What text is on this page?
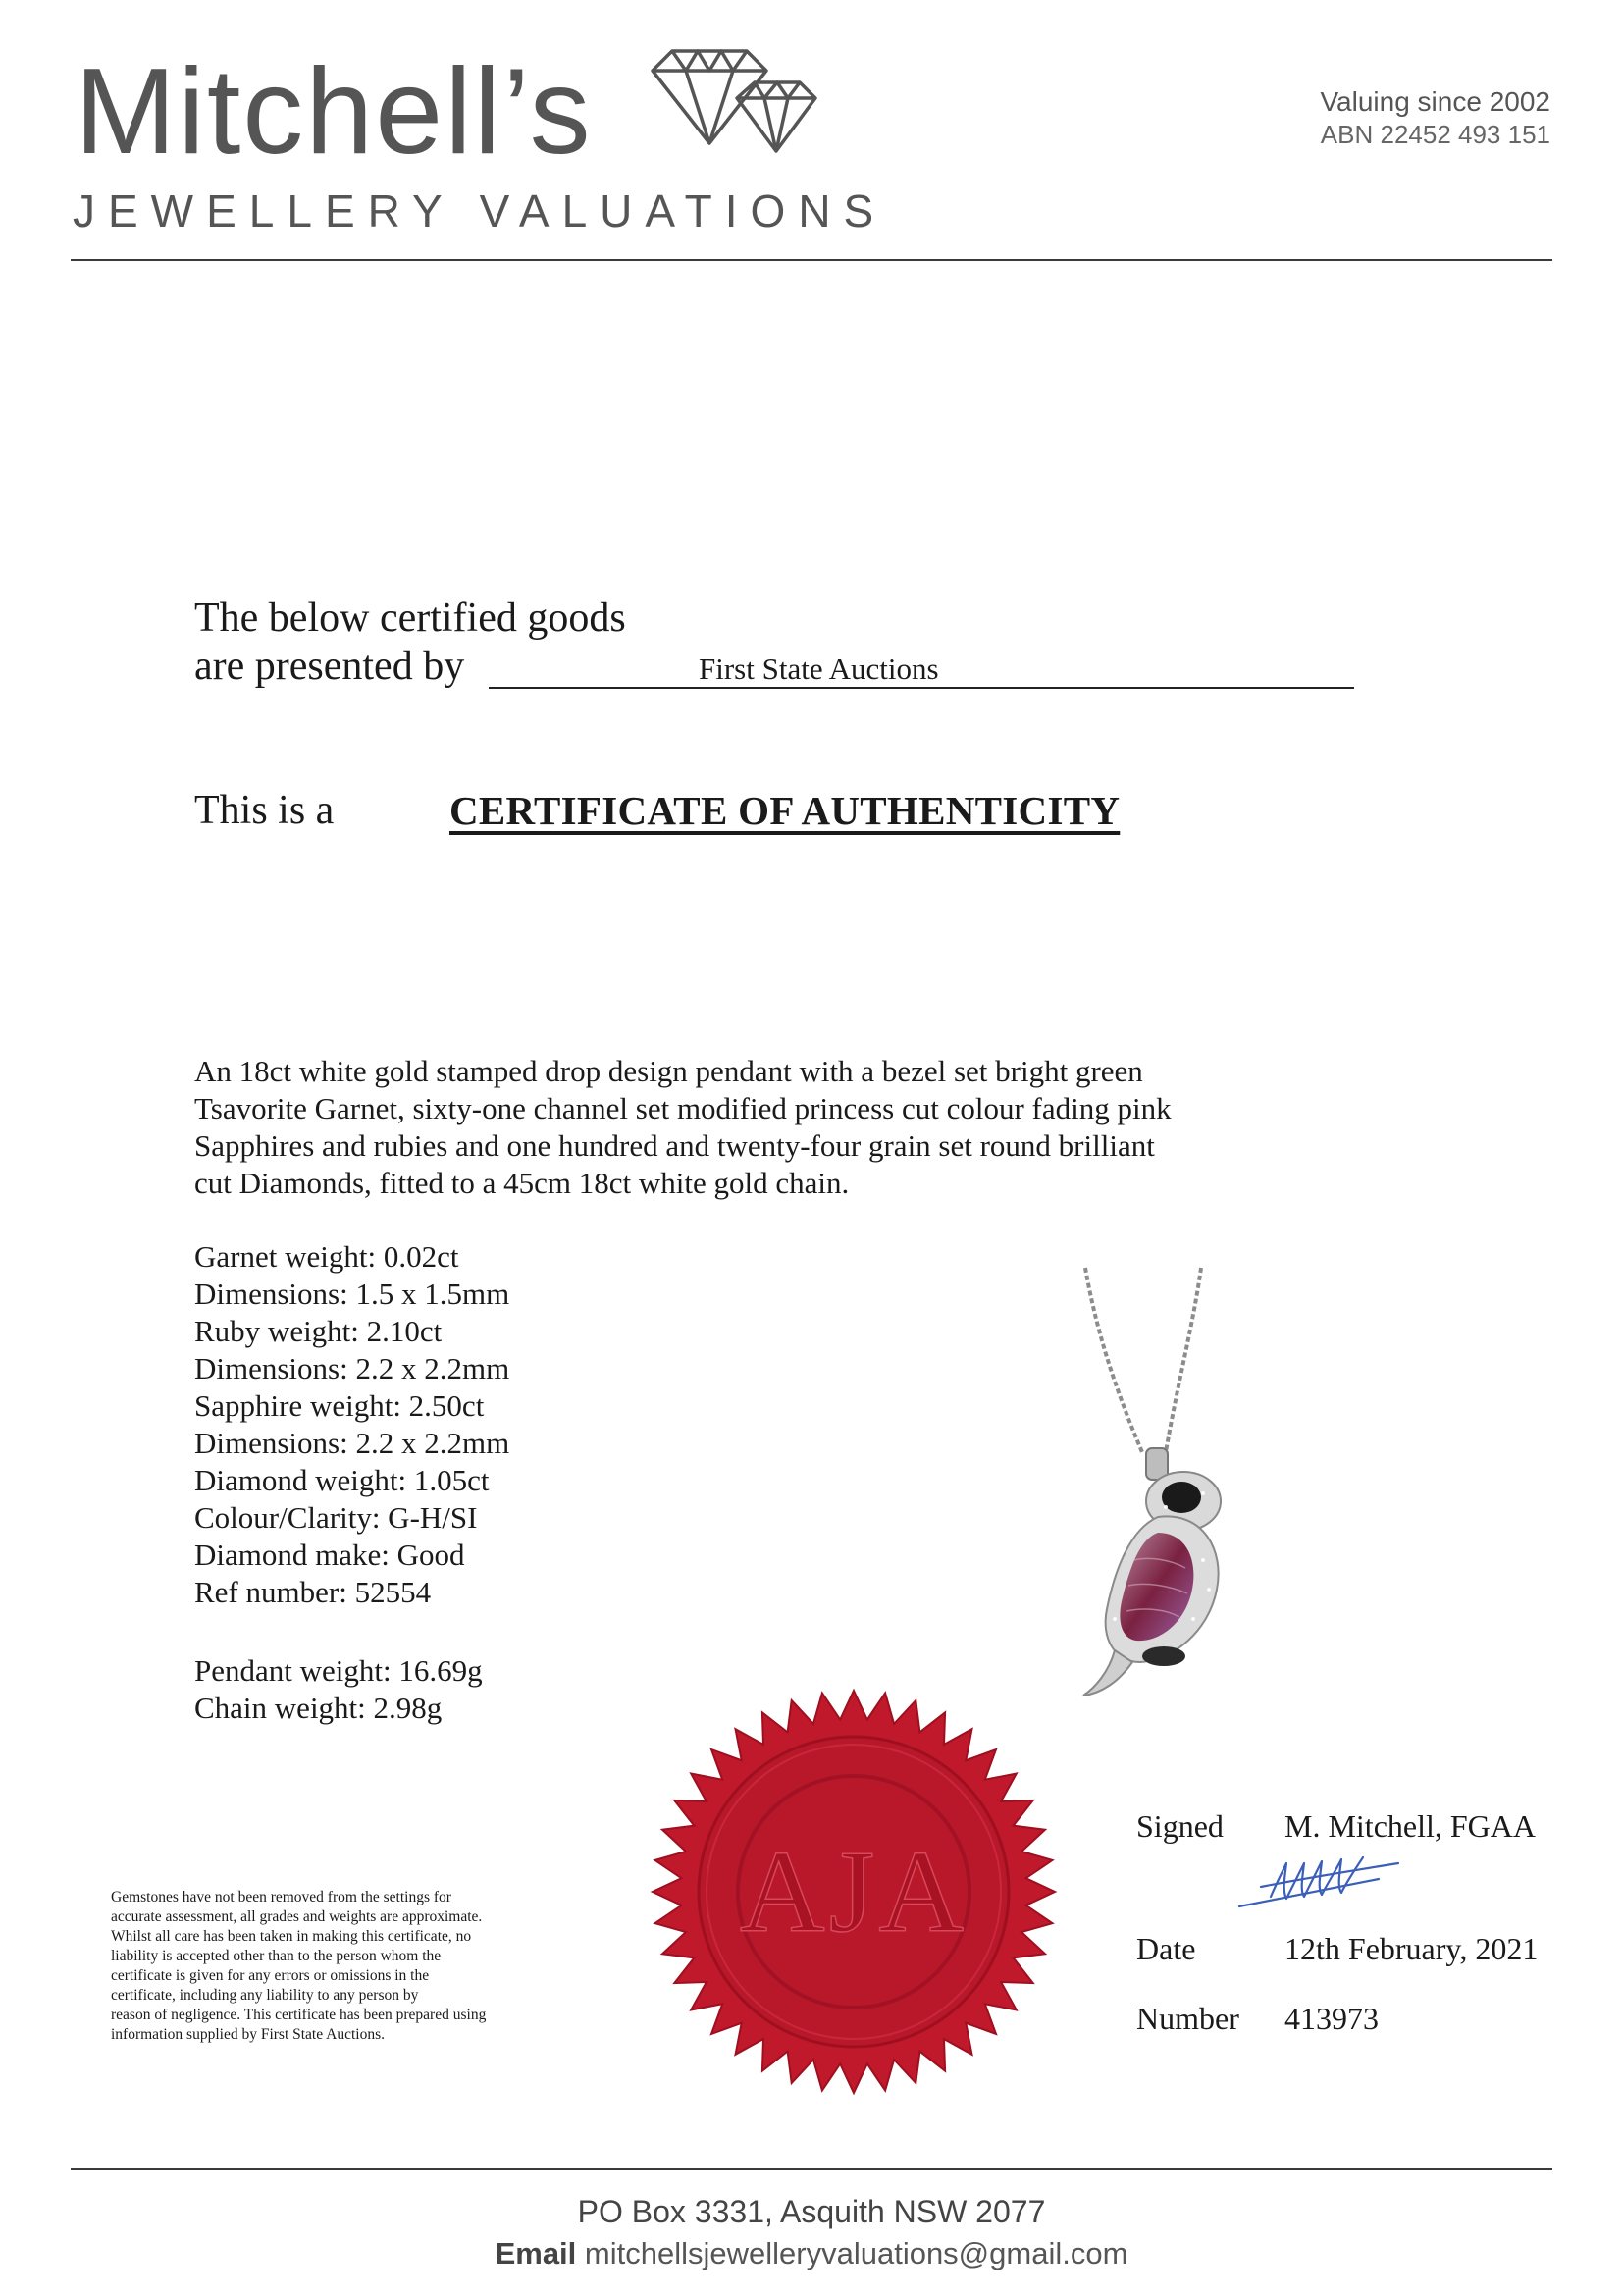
Mitchell’s
JEWELLERY VALUATIONS
Valuing since 2002
ABN 22452 493 151
The below certified goods
are presented by	First State Auctions
This is a	CERTIFICATE OF AUTHENTICITY

An 18ct white gold stamped drop design pendant with a bezel set bright green

Tsavorite Garnet, sixty-one channel set modified princess cut colour fading pink

Sapphires and rubies and one hundred and twenty-four grain set round brilliant

cut Diamonds, fitted to a 45cm 18ct white gold chain.

Garnet weight: 0.02ct
Dimensions: 1.5 x 1.5mm
Ruby weight: 2.10ct
Dimensions: 2.2 x 2.2mm
Sapphire weight: 2.50ct
Dimensions: 2.2 x 2.2mm
Diamond weight: 1.05ct
Colour/Clarity: G-H/SI
Diamond make: Good
Ref number: 52554
Pendant weight: 16.69g
Chain weight: 2.98g
AJA
Gemstones have not been removed from the settings for
accurate assessment, all grades and weights are approximate.
Whilst all care has been taken in making this certificate, no
liability is accepted other than to the person whom the
certificate is given for any errors or omissions in the
certificate, including any liability to any person by
reason of negligence. This certificate has been prepared using
information supplied by First State Auctions.
Signed M. Mitchell, FGAA
Date	12th February, 2021
Number 413973
PO Box 3331, Asquith NSW 2077
Email mitchellsjewelleryvaluations@gmail.com
